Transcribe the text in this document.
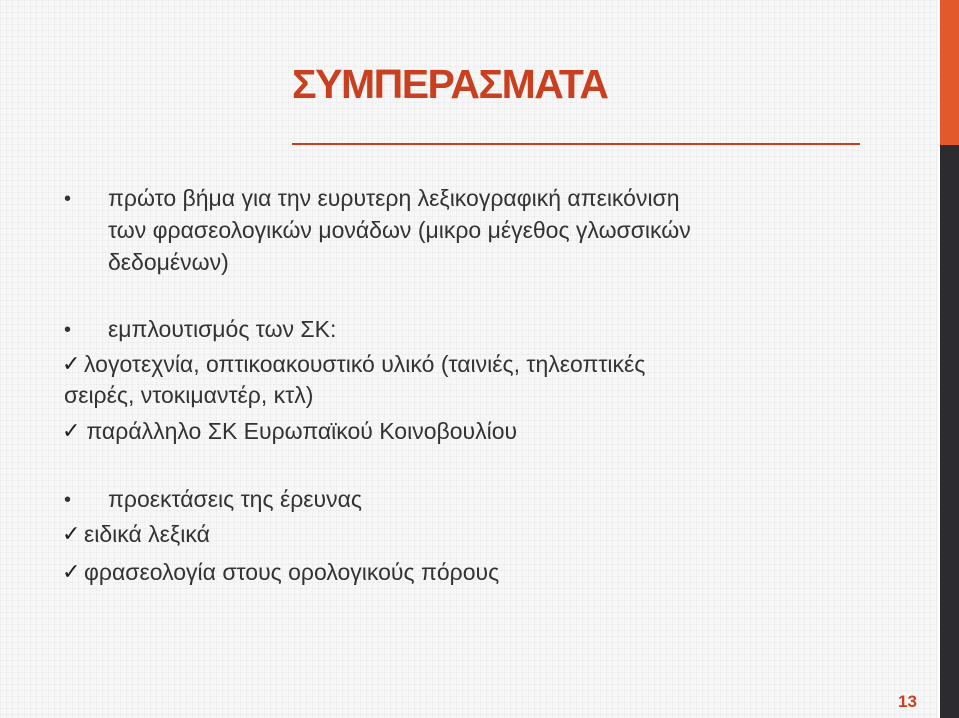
ΣΥΜΠΕΡΑΣΜΑΤΑ
• πρώτο βήμα για την ευρυτερη λεξικογραφική απεικόνιση
των φρασεολογικών μονάδων (μικρο μέγεθος γλωσσικών
δεδομένων)
• εμπλουτισμός των ΣΚ:
✓ λογοτεχνία, οπτικοακουστικό υλικό (ταινιές, τηλεοπτικές
σειρές, ντοκιμαντέρ, κτλ)
✓ παράλληλο ΣΚ Ευρωπαϊκού Κοινοβουλίου
• προεκτάσεις της έρευνας
✓ ειδικά λεξικά
✓ φρασεολογία στους ορολογικούς πόρους
13
